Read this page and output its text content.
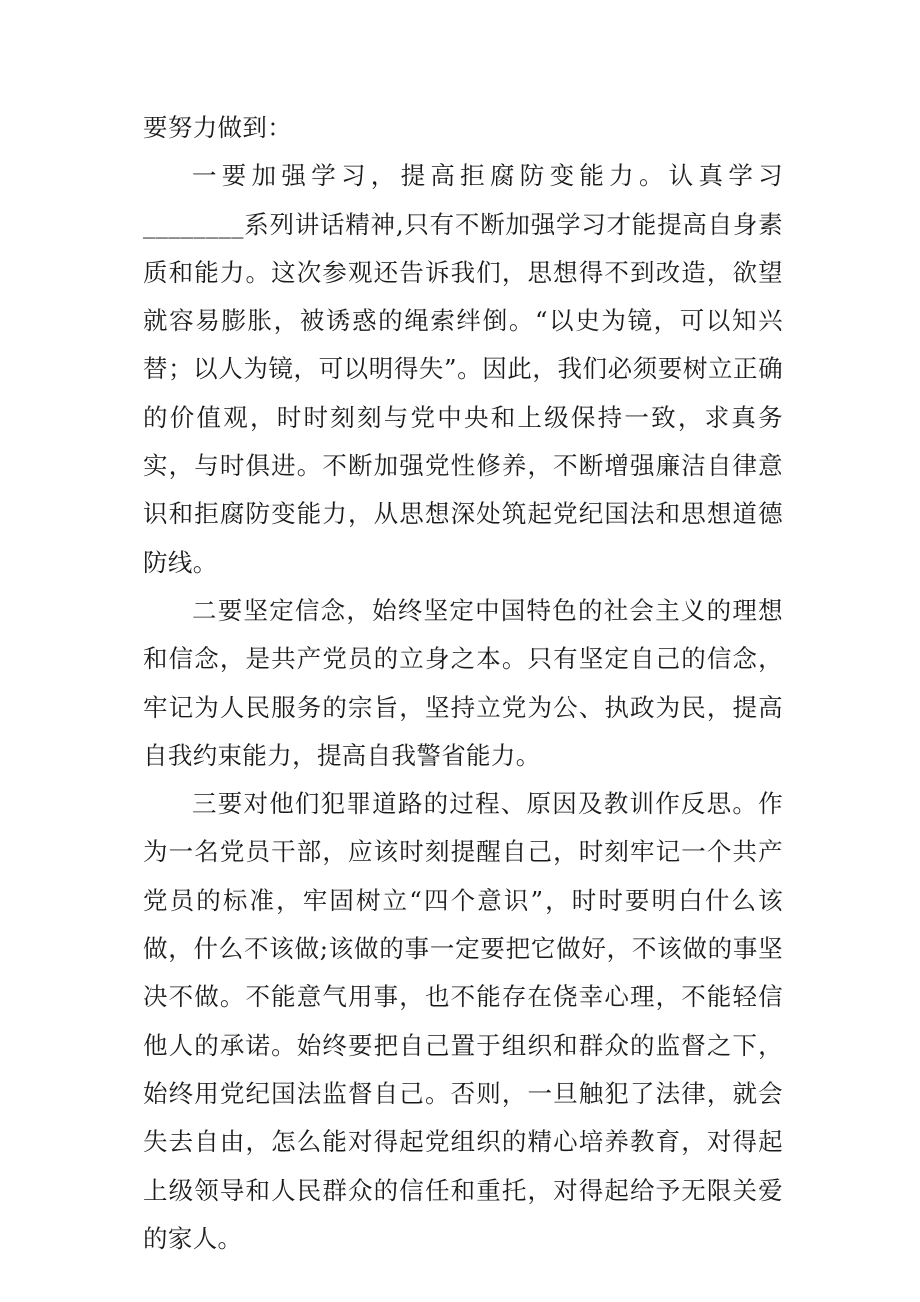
要努力做到：

一要加强学习，提高拒腐防变能力。认真学习________系列讲话精神,只有不断加强学习才能提高自身素质和能力。这次参观还告诉我们，思想得不到改造，欲望就容易膨胀，被诱惑的绳索绊倒。“以史为镜，可以知兴替；以人为镜，可以明得失”。因此，我们必须要树立正确的价值观，时时刻刻与党中央和上级保持一致，求真务实，与时俱进。不断加强党性修养，不断增强廉洁自律意识和拒腐防变能力，从思想深处筑起党纪国法和思想道德防线。

二要坚定信念，始终坚定中国特色的社会主义的理想和信念，是共产党员的立身之本。只有坚定自己的信念，牢记为人民服务的宗旨，坚持立党为公、执政为民，提高自我约束能力，提高自我警省能力。

三要对他们犯罪道路的过程、原因及教训作反思。作为一名党员干部，应该时刻提醒自己，时刻牢记一个共产党员的标准，牢固树立“四个意识”，时时要明白什么该做，什么不该做;该做的事一定要把它做好，不该做的事坚决不做。不能意气用事，也不能存在侥幸心理，不能轻信他人的承诺。始终要把自己置于组织和群众的监督之下，始终用党纪国法监督自己。否则，一旦触犯了法律，就会失去自由，怎么能对得起党组织的精心培养教育，对得起上级领导和人民群众的信任和重托，对得起给予无限关爱的家人。
